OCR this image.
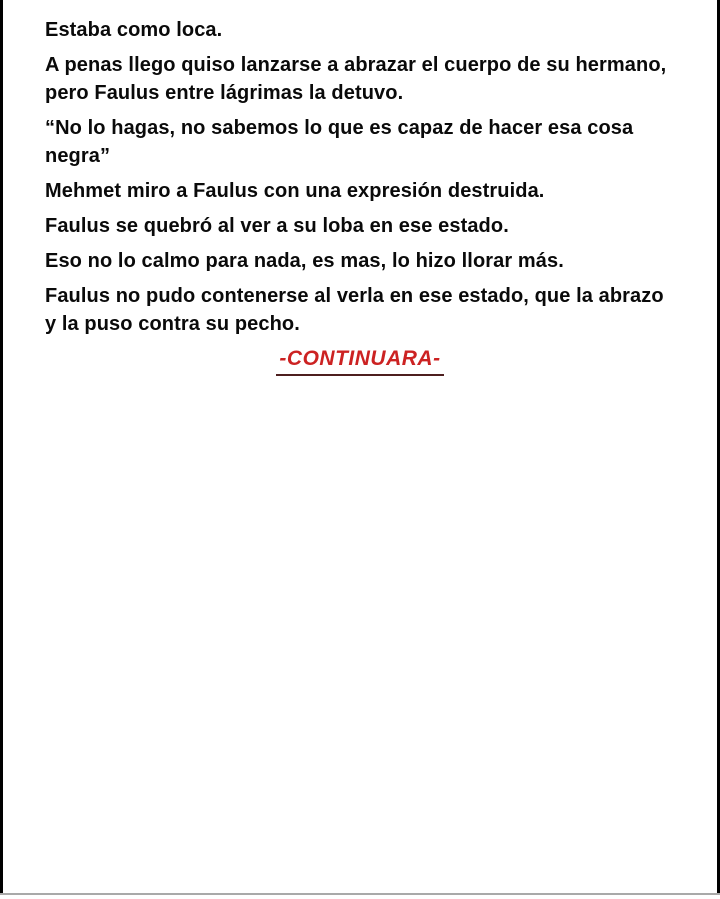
Estaba como loca.

A penas llego quiso lanzarse a abrazar el cuerpo de su hermano, pero Faulus entre lágrimas la detuvo.

“No lo hagas, no sabemos lo que es capaz de hacer esa cosa negra”

Mehmet miro a Faulus con una expresión destruida.

Faulus se quebró al ver a su loba en ese estado.

Eso no lo calmo para nada, es mas, lo hizo llorar más.

Faulus no pudo contenerse al verla en ese estado, que la abrazo y la puso contra su pecho.

-CONTINUARA-
